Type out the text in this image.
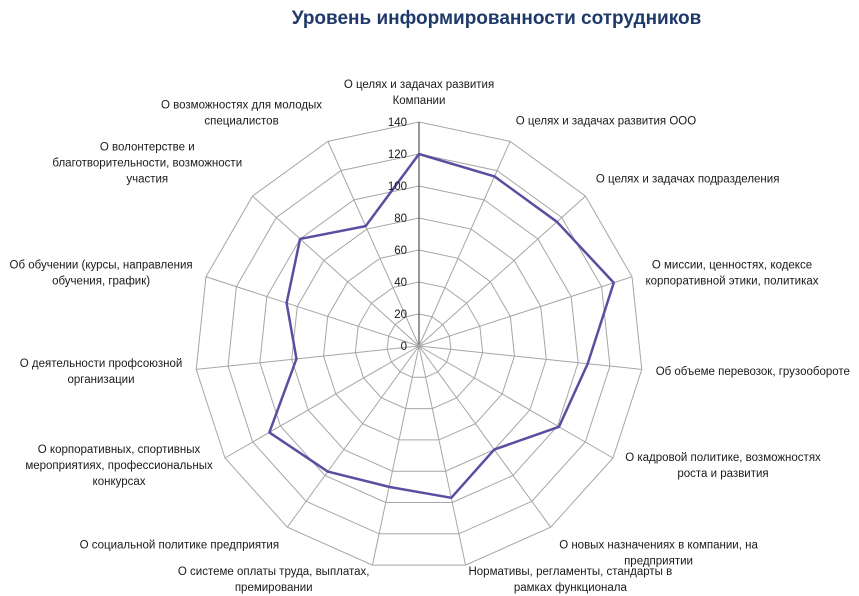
Уровень информированности сотрудников
0
20
40
60
80
100
120
140
О целях и задачах развития
Компании
О целях и задачах развития ООО
О целях и задачах подразделения
О миссии, ценностях, кодексе
корпоративной этики, политиках
Об объеме перевозок, грузообороте
О кадровой политике, возможностях
роста и развития
О новых назначениях в компании, на
предприятии
Нормативы, регламенты, стандарты в
рамках функционала
О системе оплаты труда, выплатах,
премировании
О социальной политике предприятия
О корпоративных, спортивных
мероприятиях, профессиональных
конкурсах
О деятельности профсоюзной
организации
Об обучении (курсы, направления
обучения, график)
О волонтерстве и
благотворительности, возможности
участия
О возможностях для молодых
специалистов
